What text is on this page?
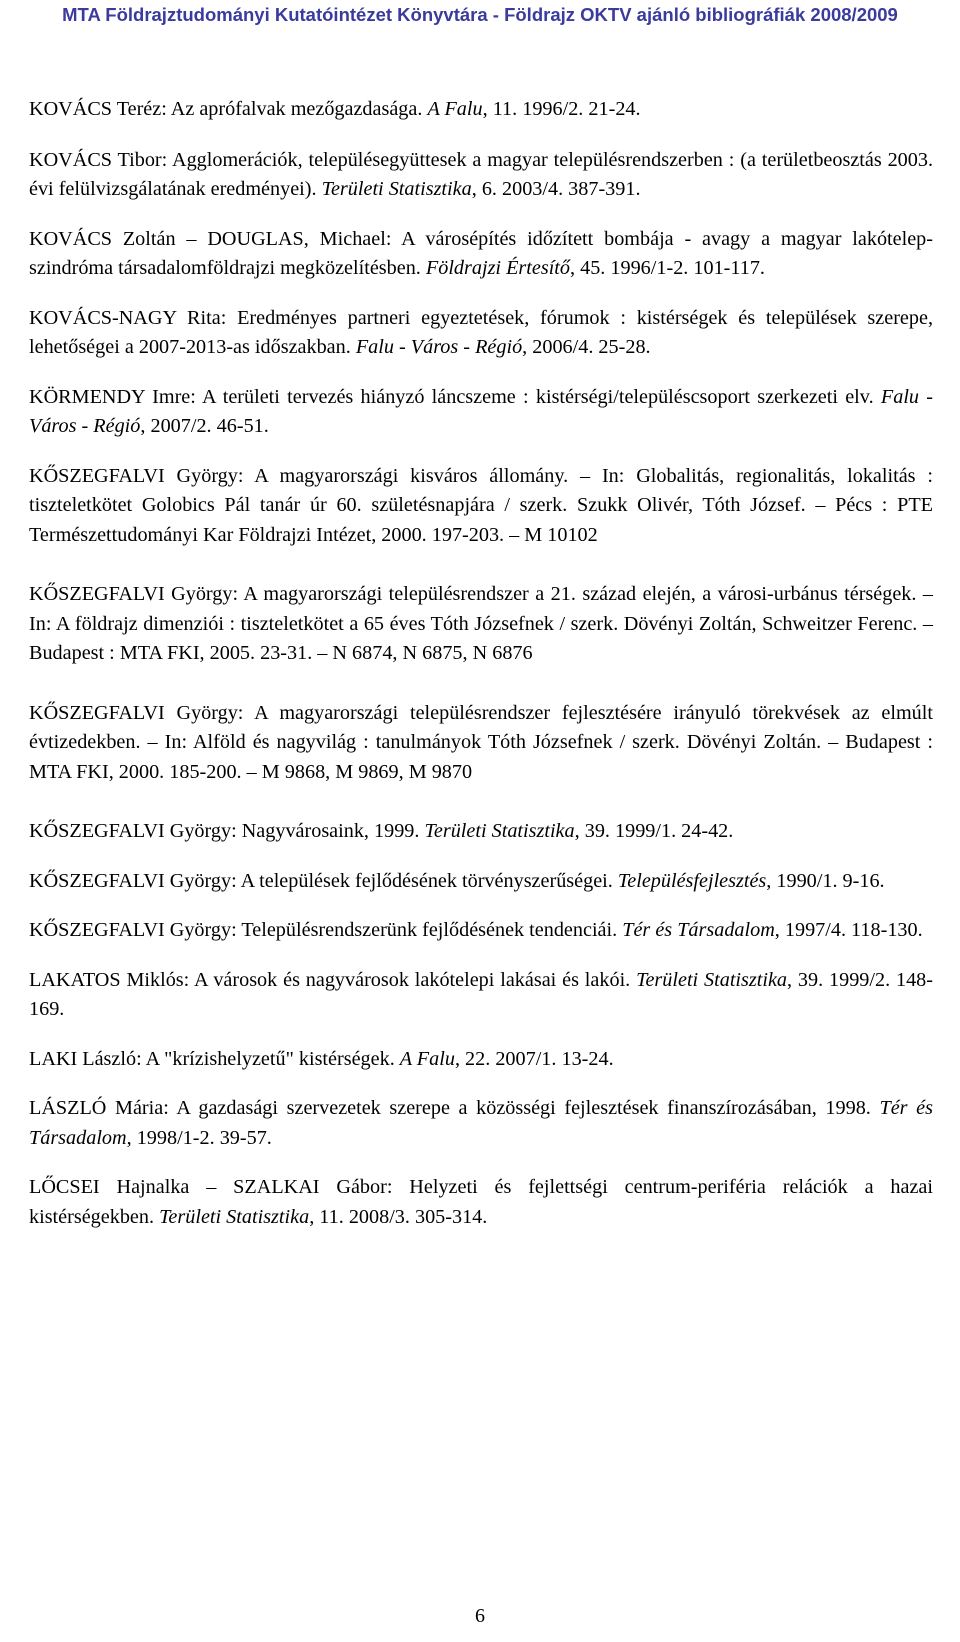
MTA Földrajztudományi Kutatóintézet Könyvtára - Földrajz OKTV ajánló bibliográfiák 2008/2009

KOVÁCS Teréz: Az aprófalvak mezőgazdasága. A Falu, 11. 1996/2. 21-24.

KOVÁCS Tibor: Agglomerációk, településegyüttesek a magyar településrendszerben : (a területbeosztás 2003. évi felülvizsgálatának eredményei). Területi Statisztika, 6. 2003/4. 387-391.

KOVÁCS Zoltán – DOUGLAS, Michael: A városépítés időzített bombája - avagy a magyar lakótelep-szindróma társadalomföldrajzi megközelítésben. Földrajzi Értesítő, 45. 1996/1-2. 101-117.

KOVÁCS-NAGY Rita: Eredményes partneri egyeztetések, fórumok : kistérségek és települések szerepe, lehetőségei a 2007-2013-as időszakban. Falu - Város - Régió, 2006/4. 25-28.

KÖRMENDY Imre: A területi tervezés hiányzó láncszeme : kistérségi/településcsoport szerkezeti elv. Falu - Város - Régió, 2007/2. 46-51.

KŐSZEGFALVI György: A magyarországi kisváros állomány. – In: Globalitás, regionalitás, lokalitás : tiszteletkötet Golobics Pál tanár úr 60. születésnapjára / szerk. Szukk Olivér, Tóth József. – Pécs : PTE Természettudományi Kar Földrajzi Intézet, 2000. 197-203. – M 10102

KŐSZEGFALVI György: A magyarországi településrendszer a 21. század elején, a városi-urbánus térségek. – In: A földrajz dimenziói : tiszteletkötet a 65 éves Tóth Józsefnek / szerk. Dövényi Zoltán, Schweitzer Ferenc. – Budapest : MTA FKI, 2005. 23-31. – N 6874, N 6875, N 6876

KŐSZEGFALVI György: A magyarországi településrendszer fejlesztésére irányuló törekvések az elmúlt évtizedekben. – In: Alföld és nagyvilág : tanulmányok Tóth Józsefnek / szerk. Dövényi Zoltán. – Budapest : MTA FKI, 2000. 185-200. – M 9868, M 9869, M 9870

KŐSZEGFALVI György: Nagyvárosaink, 1999. Területi Statisztika, 39. 1999/1. 24-42.

KŐSZEGFALVI György: A települések fejlődésének törvényszerűségei. Településfejlesztés, 1990/1. 9-16.

KŐSZEGFALVI György: Településrendszerünk fejlődésének tendenciái. Tér és Társadalom, 1997/4. 118-130.

LAKATOS Miklós: A városok és nagyvárosok lakótelepi lakásai és lakói. Területi Statisztika, 39. 1999/2. 148-169.

LAKI László: A "krízishelyzetű" kistérségek. A Falu, 22. 2007/1. 13-24.

LÁSZLÓ Mária: A gazdasági szervezetek szerepe a közösségi fejlesztések finanszírozásában, 1998. Tér és Társadalom, 1998/1-2. 39-57.

LŐCSEI Hajnalka – SZALKAI Gábor: Helyzeti és fejlettségi centrum-periféria relációk a hazai kistérségekben. Területi Statisztika, 11. 2008/3. 305-314.

6
